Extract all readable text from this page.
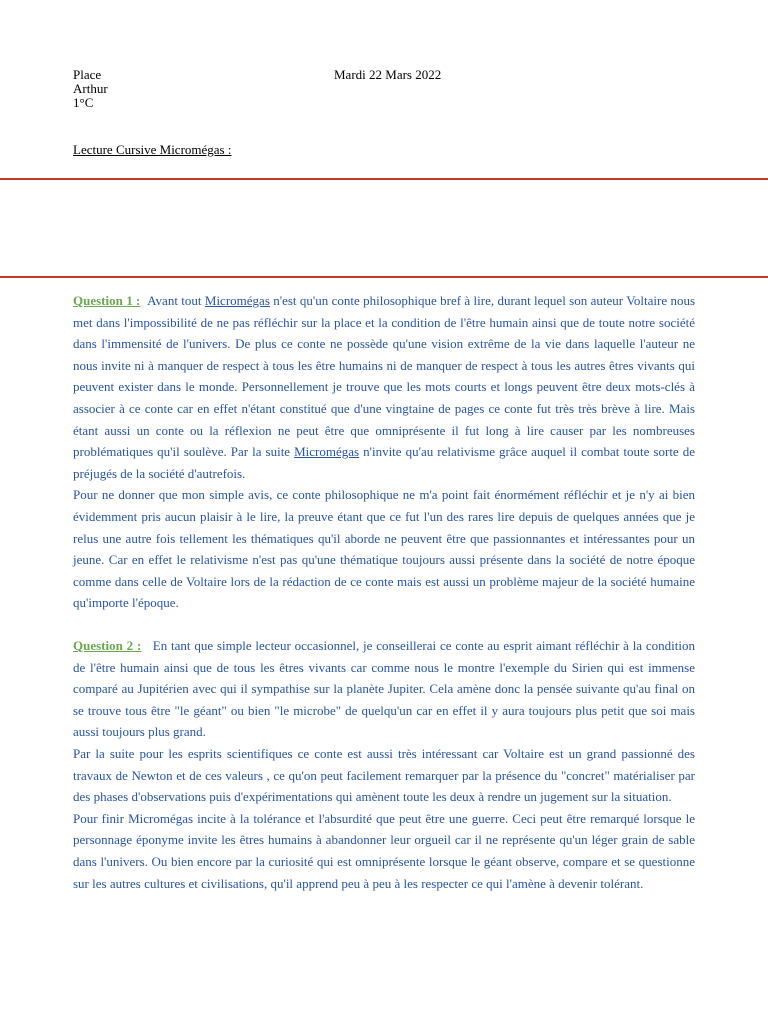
Place
Arthur
1°C
Mardi 22 Mars 2022
Lecture Cursive Micromégas :

Question 1 :  Avant tout Micromégas n'est qu'un conte philosophique bref à lire, durant lequel son auteur Voltaire nous met dans l'impossibilité de ne pas réfléchir sur la place et la condition de l'être humain ainsi que de toute notre société dans l'immensité de l'univers. De plus ce conte ne possède qu'une vision extrême de la vie dans laquelle l'auteur ne nous invite ni à manquer de respect à tous les être humains ni de manquer de respect à tous les autres êtres vivants qui peuvent exister dans le monde. Personnellement je trouve que les mots courts et longs peuvent être deux mots-clés à associer à ce conte car en effet n'étant constitué que d'une vingtaine de pages ce conte fut très très brève à lire. Mais étant aussi un conte ou la réflexion ne peut être que omniprésente il fut long à lire causer par les nombreuses problématiques qu'il soulève. Par la suite Micromégas n'invite qu'au relativisme grâce auquel il combat toute sorte de préjugés de la société d'autrefois.

Pour ne donner que mon simple avis, ce conte philosophique ne m'a point fait énormément réfléchir et je n'y ai bien évidemment pris aucun plaisir à le lire, la preuve étant que ce fut l'un des rares lire depuis de quelques années que je relus une autre fois tellement les thématiques qu'il aborde ne peuvent être que passionnantes et intéressantes pour un jeune. Car en effet le relativisme n'est pas qu'une thématique toujours aussi présente dans la société de notre époque comme dans celle de Voltaire lors de la rédaction de ce conte mais est aussi un problème majeur de la société humaine qu'importe l'époque.

Question 2 :   En tant que simple lecteur occasionnel, je conseillerai ce conte au esprit aimant réfléchir à la condition de l'être humain ainsi que de tous les êtres vivants car comme nous le montre l'exemple du Sirien qui est immense comparé au Jupitérien avec qui il sympathise sur la planète Jupiter. Cela amène donc la pensée suivante qu'au final on se trouve tous être "le géant" ou bien "le microbe" de quelqu'un car en effet il y aura toujours plus petit que soi mais aussi toujours plus grand.

Par la suite pour les esprits scientifiques ce conte est aussi très intéressant car Voltaire est un grand passionné des travaux de Newton et de ces valeurs , ce qu'on peut facilement remarquer par la présence du "concret" matérialiser par des phases d'observations puis d'expérimentations qui amènent toute les deux à rendre un jugement sur la situation.

Pour finir Micromégas incite à la tolérance et l'absurdité que peut être une guerre. Ceci peut être remarqué lorsque le personnage éponyme invite les êtres humains à abandonner leur orgueil car il ne représente qu'un léger grain de sable dans l'univers. Ou bien encore par la curiosité qui est omniprésente lorsque le géant observe, compare et se questionne sur les autres cultures et civilisations, qu'il apprend peu à peu à les respecter ce qui l'amène à devenir tolérant.
